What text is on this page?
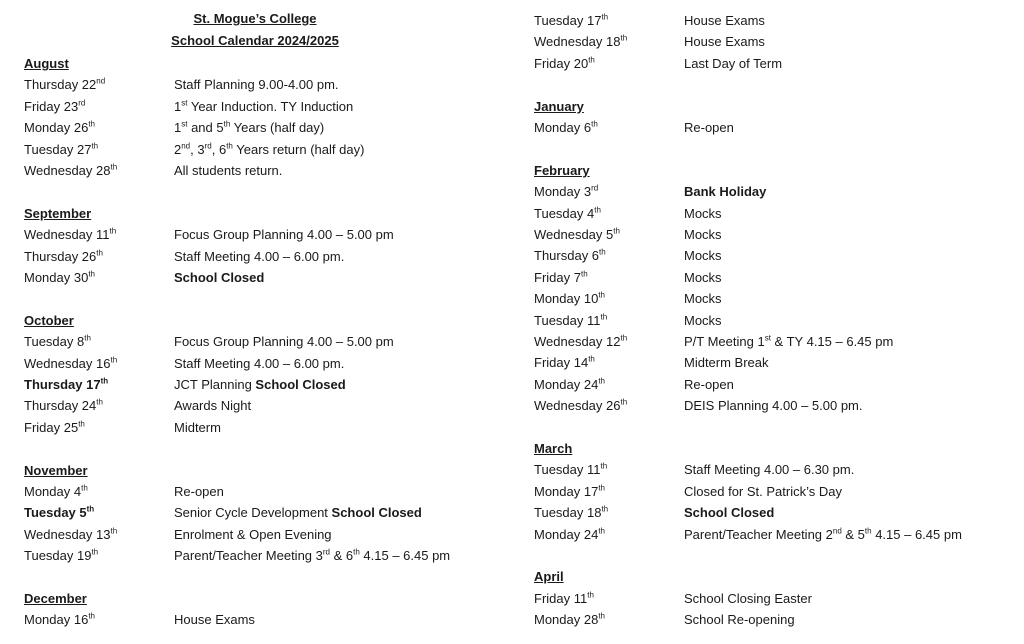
St. Mogue’s College
School Calendar 2024/2025
August
Thursday 22nd	Staff Planning 9.00-4.00 pm.
Friday 23rd	1st Year Induction. TY Induction
Monday 26th	1st and 5th Years (half day)
Tuesday 27th	2nd, 3rd, 6th Years return (half day)
Wednesday 28th	All students return.
September
Wednesday 11th	Focus Group Planning 4.00 – 5.00 pm
Thursday 26th	Staff Meeting 4.00 – 6.00 pm.
Monday 30th	School Closed
October
Tuesday 8th	Focus Group Planning 4.00 – 5.00 pm
Wednesday 16th	Staff Meeting 4.00 – 6.00 pm.
Thursday 17th	JCT Planning School Closed
Thursday 24th	Awards Night
Friday 25th	Midterm
November
Monday 4th	Re-open
Tuesday 5th	Senior Cycle Development School Closed
Wednesday 13th	Enrolment & Open Evening
Tuesday 19th	Parent/Teacher Meeting 3rd & 6th 4.15 – 6.45 pm
December
Monday 16th	House Exams
Tuesday 17th	House Exams
Wednesday 18th	House Exams
Friday 20th	Last Day of Term
January
Monday 6th	Re-open
February
Monday 3rd	Bank Holiday
Tuesday 4th	Mocks
Wednesday 5th	Mocks
Thursday 6th	Mocks
Friday 7th	Mocks
Monday 10th	Mocks
Tuesday 11th	Mocks
Wednesday 12th	P/T Meeting 1st & TY 4.15 – 6.45 pm
Friday 14th	Midterm Break
Monday 24th	Re-open
Wednesday 26th	DEIS Planning 4.00 – 5.00 pm.
March
Tuesday 11th	Staff Meeting 4.00 – 6.30 pm.
Monday 17th	Closed for St. Patrick’s Day
Tuesday 18th	School Closed
Monday 24th	Parent/Teacher Meeting 2nd & 5th 4.15 – 6.45 pm
April
Friday 11th	School Closing Easter
Monday 28th	School Re-opening
